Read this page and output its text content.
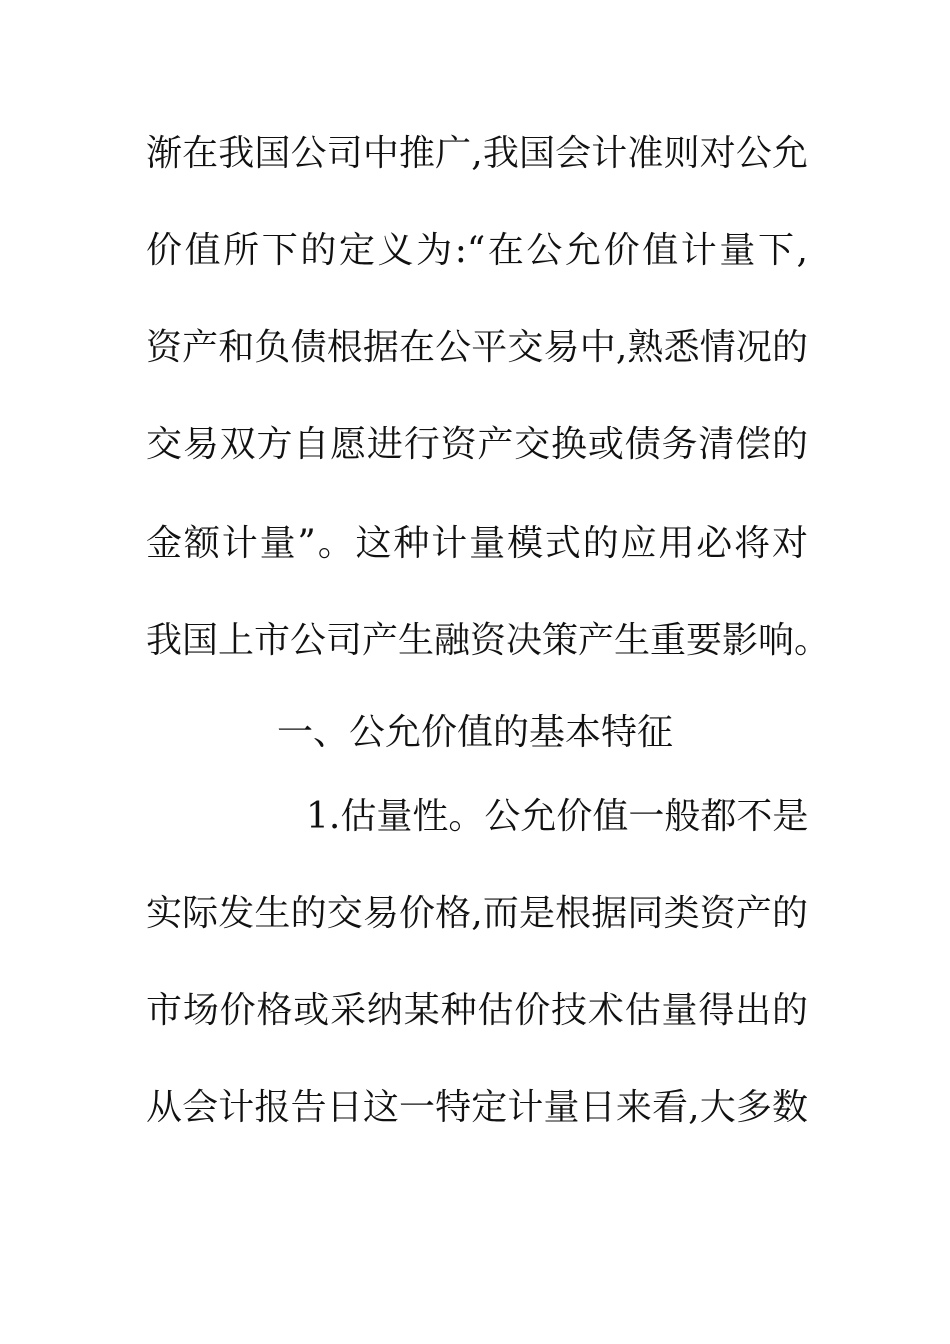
渐在我国公司中推广,我国会计准则对公允
价值所下的定义为:“在公允价值计量下,
资产和负债根据在公平交易中,熟悉情况的
交易双方自愿进行资产交换或债务清偿的
金额计量”。这种计量模式的应用必将对
我国上市公司产生融资决策产生重要影响。
一、公允价值的基本特征
1.估量性。公允价值一般都不是
实际发生的交易价格,而是根据同类资产的
市场价格或采纳某种估价技术估量得出的
从会计报告日这一特定计量日来看,大多数
